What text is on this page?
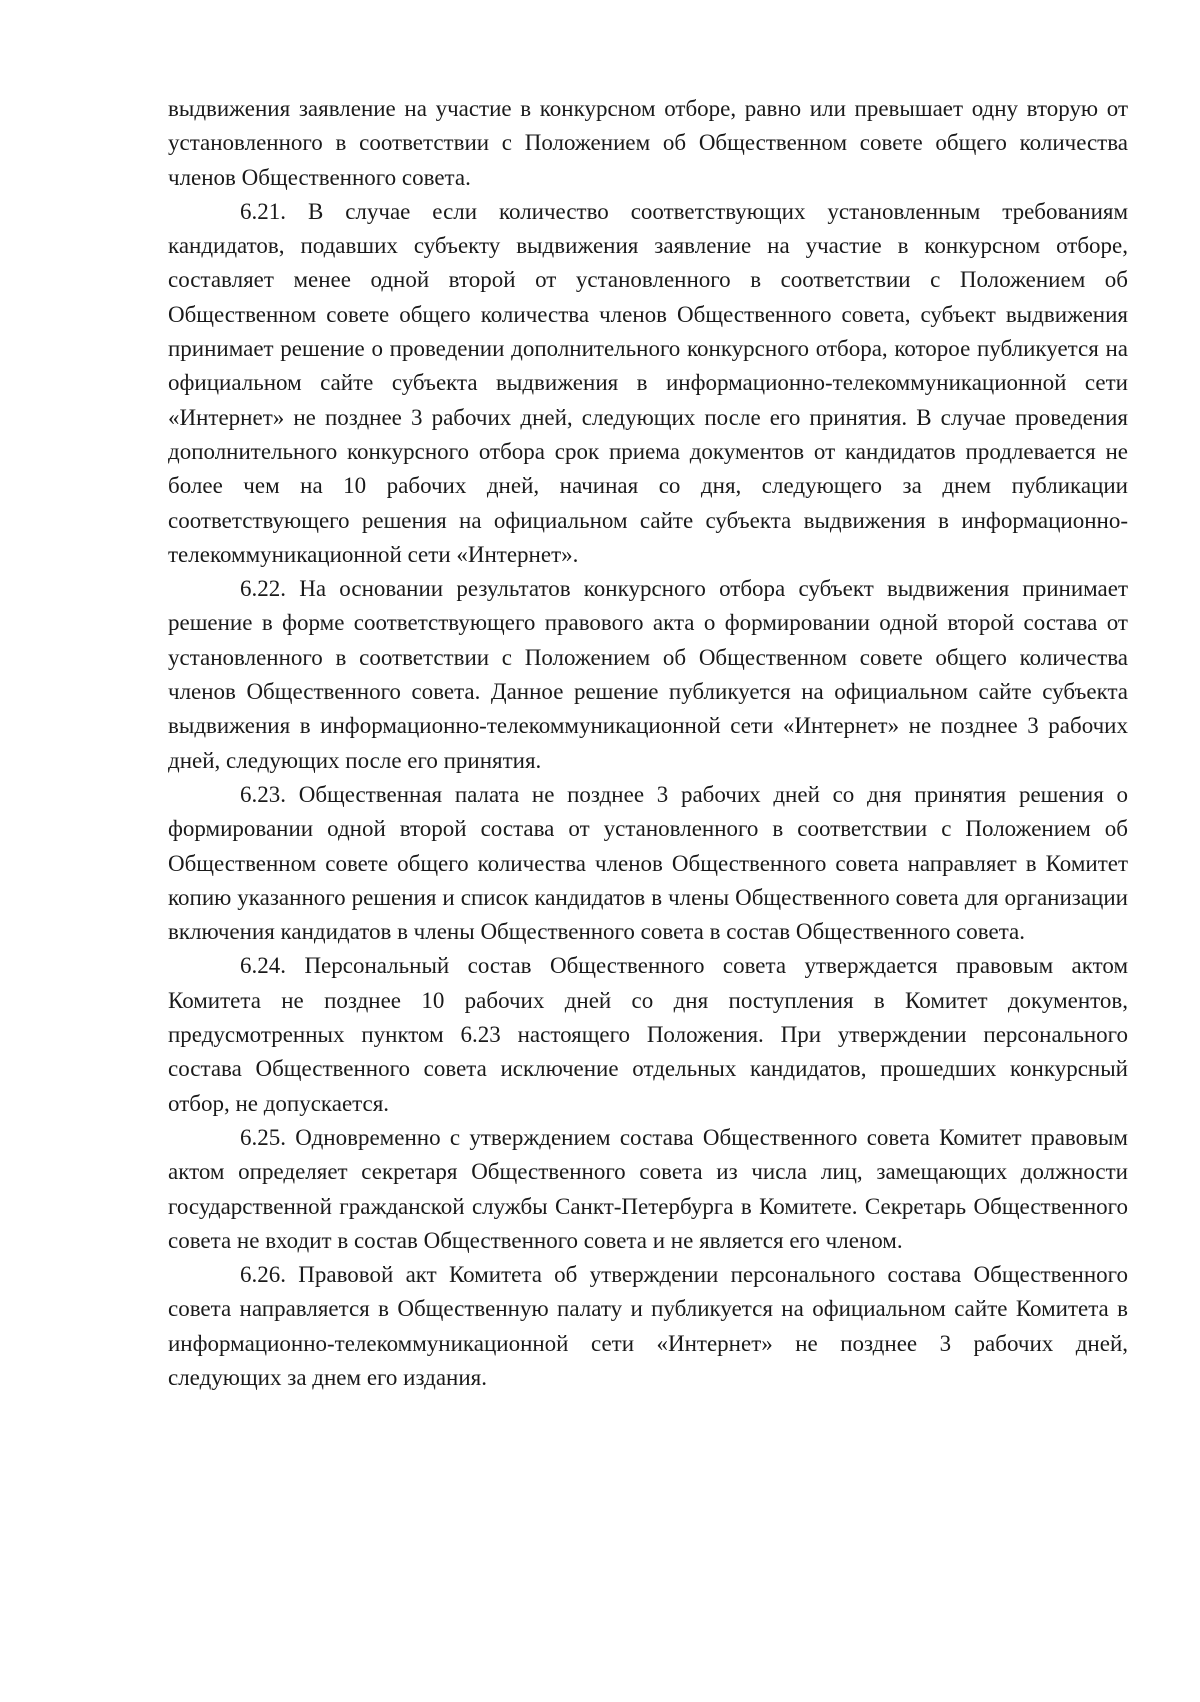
выдвижения заявление на участие в конкурсном отборе, равно или превышает одну вторую от установленного в соответствии с Положением об Общественном совете общего количества членов Общественного совета.

6.21. В случае если количество соответствующих установленным требованиям кандидатов, подавших субъекту выдвижения заявление на участие в конкурсном отборе, составляет менее одной второй от установленного в соответствии с Положением об Общественном совете общего количества членов Общественного совета, субъект выдвижения принимает решение о проведении дополнительного конкурсного отбора, которое публикуется на официальном сайте субъекта выдвижения в информационно-телекоммуникационной сети «Интернет» не позднее 3 рабочих дней, следующих после его принятия. В случае проведения дополнительного конкурсного отбора срок приема документов от кандидатов продлевается не более чем на 10 рабочих дней, начиная со дня, следующего за днем публикации соответствующего решения на официальном сайте субъекта выдвижения в информационно-телекоммуникационной сети «Интернет».

6.22. На основании результатов конкурсного отбора субъект выдвижения принимает решение в форме соответствующего правового акта о формировании одной второй состава от установленного в соответствии с Положением об Общественном совете общего количества членов Общественного совета. Данное решение публикуется на официальном сайте субъекта выдвижения в информационно-телекоммуникационной сети «Интернет» не позднее 3 рабочих дней, следующих после его принятия.

6.23. Общественная палата не позднее 3 рабочих дней со дня принятия решения о формировании одной второй состава от установленного в соответствии с Положением об Общественном совете общего количества членов Общественного совета направляет в Комитет копию указанного решения и список кандидатов в члены Общественного совета для организации включения кандидатов в члены Общественного совета в состав Общественного совета.

6.24. Персональный состав Общественного совета утверждается правовым актом Комитета не позднее 10 рабочих дней со дня поступления в Комитет документов, предусмотренных пунктом 6.23 настоящего Положения. При утверждении персонального состава Общественного совета исключение отдельных кандидатов, прошедших конкурсный отбор, не допускается.

6.25. Одновременно с утверждением состава Общественного совета Комитет правовым актом определяет секретаря Общественного совета из числа лиц, замещающих должности государственной гражданской службы Санкт-Петербурга в Комитете. Секретарь Общественного совета не входит в состав Общественного совета и не является его членом.

6.26. Правовой акт Комитета об утверждении персонального состава Общественного совета направляется в Общественную палату и публикуется на официальном сайте Комитета в информационно-телекоммуникационной сети «Интернет» не позднее 3 рабочих дней, следующих за днем его издания.
